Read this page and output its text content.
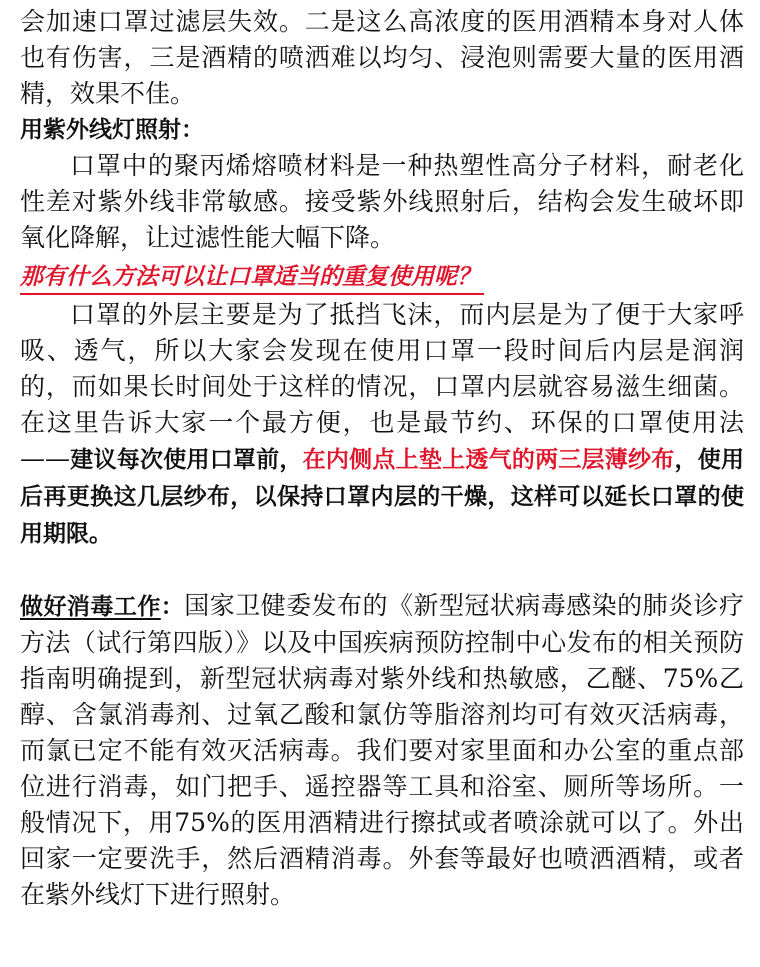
会加速口罩过滤层失效。二是这么高浓度的医用酒精本身对人体也有伤害，三是酒精的喷洒难以均匀、浸泡则需要大量的医用酒精，效果不佳。

用紫外线灯照射：

口罩中的聚丙烯熔喷材料是一种热塑性高分子材料，耐老化性差对紫外线非常敏感。接受紫外线照射后，结构会发生破坏即氧化降解，让过滤性能大幅下降。

那有什么方法可以让口罩适当的重复使用呢？

口罩的外层主要是为了抵挡飞沫，而内层是为了便于大家呼吸、透气，所以大家会发现在使用口罩一段时间后内层是润润的，而如果长时间处于这样的情况，口罩内层就容易滋生细菌。在这里告诉大家一个最方便，也是最节约、环保的口罩使用法——建议每次使用口罩前，在内侧点上垫上透气的两三层薄纱布，使用后再更换这几层纱布，以保持口罩内层的干燥，这样可以延长口罩的使用期限。

做好消毒工作：国家卫健委发布的《新型冠状病毒感染的肺炎诊疗方法（试行第四版）》以及中国疾病预防控制中心发布的相关预防指南明确提到，新型冠状病毒对紫外线和热敏感，乙醚、75%乙醇、含氯消毒剂、过氧乙酸和氯仿等脂溶剂均可有效灭活病毒，而氯已定不能有效灭活病毒。我们要对家里面和办公室的重点部位进行消毒，如门把手、遥控器等工具和浴室、厕所等场所。一般情况下，用75%的医用酒精进行擦拭或者喷涂就可以了。外出回家一定要洗手，然后酒精消毒。外套等最好也喷洒酒精，或者在紫外线灯下进行照射。
